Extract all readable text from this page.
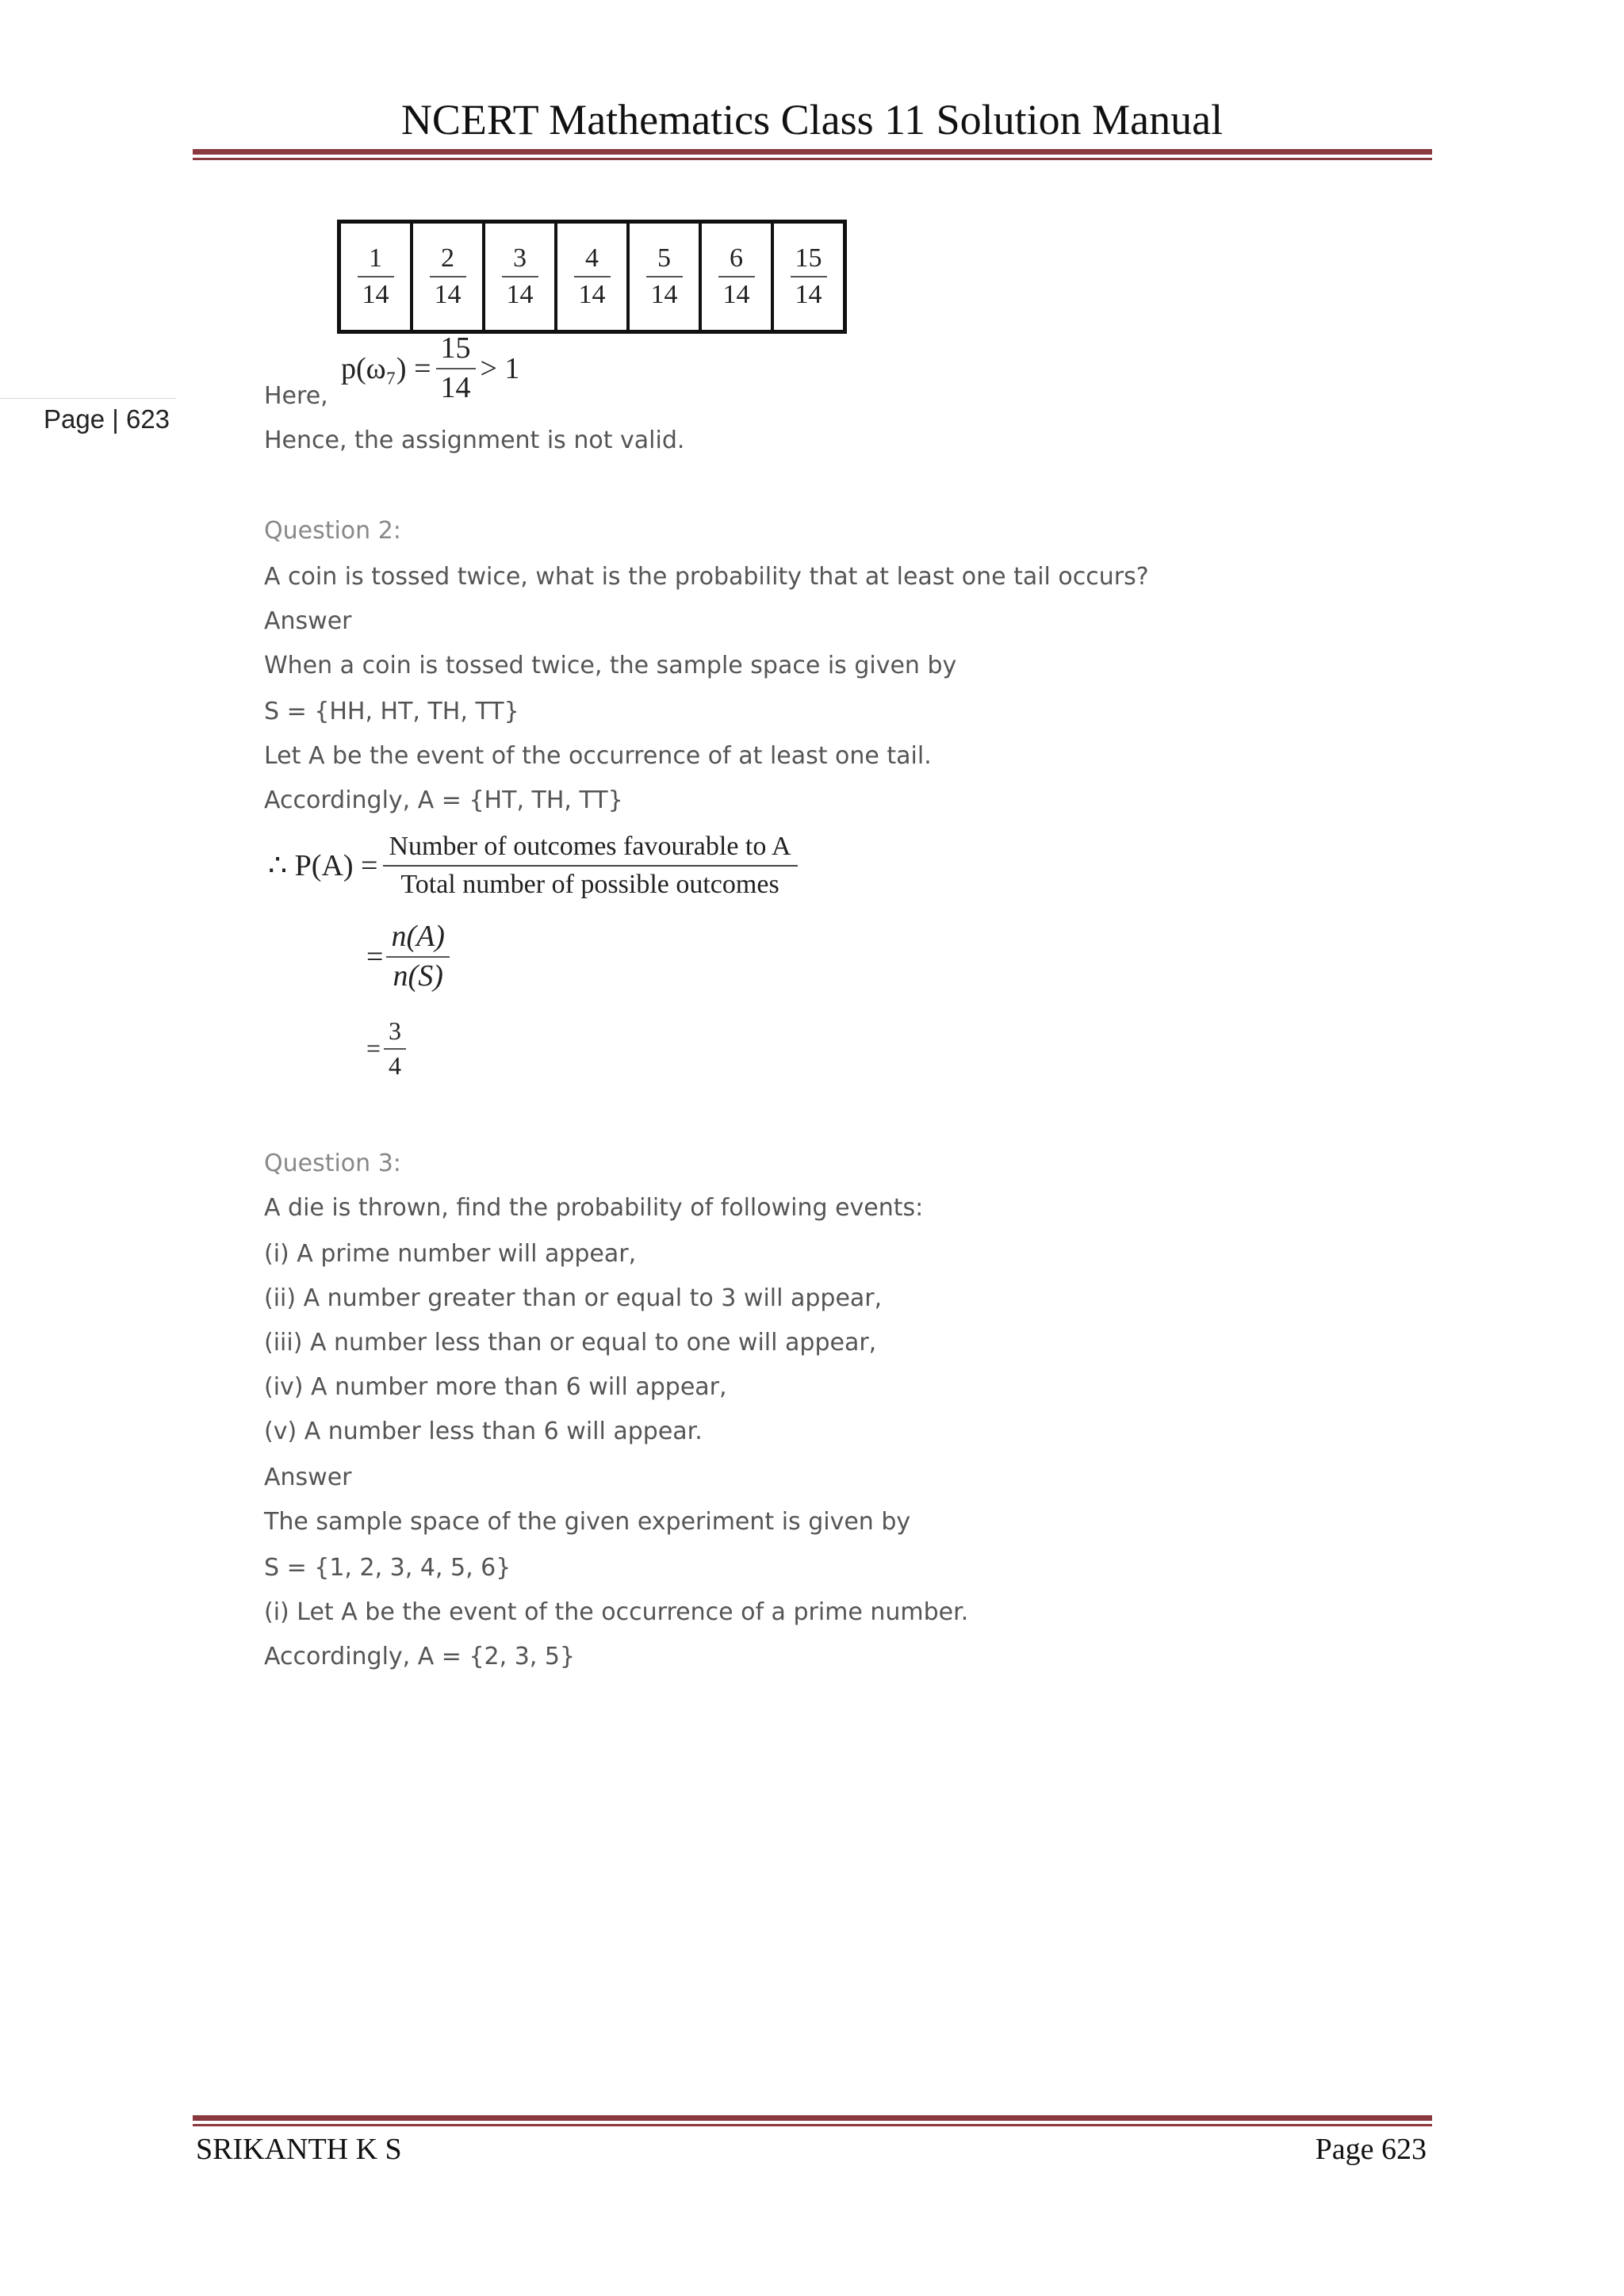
NCERT Mathematics Class 11 Solution Manual
Page | 623
$\frac{1}{14}$	$\frac{2}{14}$	$\frac{3}{14}$	$\frac{4}{14}$	$\frac{5}{14}$	$\frac{6}{14}$	$\frac{15}{14}$
Here,
$p(\omega_7) = \frac{15}{14} > 1$
Hence, the assignment is not valid.
Question 2:
A coin is tossed twice, what is the probability that at least one tail occurs?
Answer
When a coin is tossed twice, the sample space is given by
S = {HH, HT, TH, TT}
Let A be the event of the occurrence of at least one tail.
Accordingly, A = {HT, TH, TT}
∴ $P(A) = \frac{\text{Number of outcomes favourable to A}}{\text{Total number of possible outcomes}}$
= $\frac{n(A)}{n(S)}$
= $\frac{3}{4}$
Question 3:
A die is thrown, find the probability of following events:
(i) A prime number will appear,
(ii) A number greater than or equal to 3 will appear,
(iii) A number less than or equal to one will appear,
(iv) A number more than 6 will appear,
(v) A number less than 6 will appear.
Answer
The sample space of the given experiment is given by
S = {1, 2, 3, 4, 5, 6}
(i) Let A be the event of the occurrence of a prime number.
Accordingly, A = {2, 3, 5}
SRIKANTH K S	Page 623
